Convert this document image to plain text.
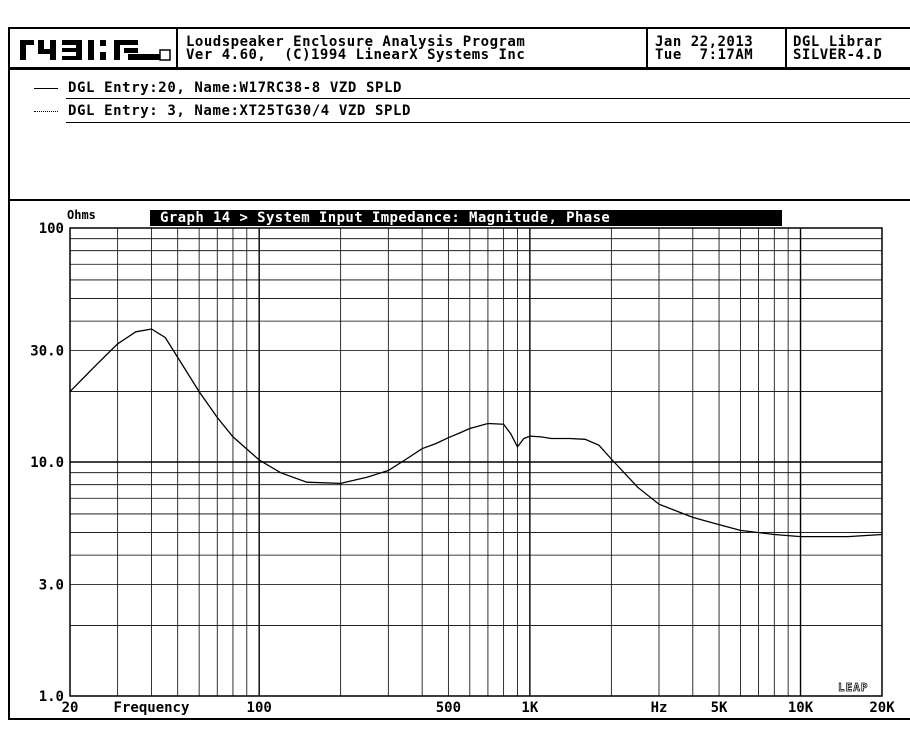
Loudspeaker Enclosure Analysis Program
Ver 4.60,  (C)1994 LinearX Systems Inc
Jan 22,2013
Tue  7:17AM
DGL Librar
SILVER-4.D
DGL Entry:20, Name:W17RC38-8 VZD SPLD
DGL Entry: 3, Name:XT25TG30/4 VZD SPLD
Graph 14 > System Input Impedance: Magnitude, Phase
Ohms
100
30.0
10.0
3.0
1.0
20	100	500	1K	5K	10K	20K
Frequency	Hz
LEAP
